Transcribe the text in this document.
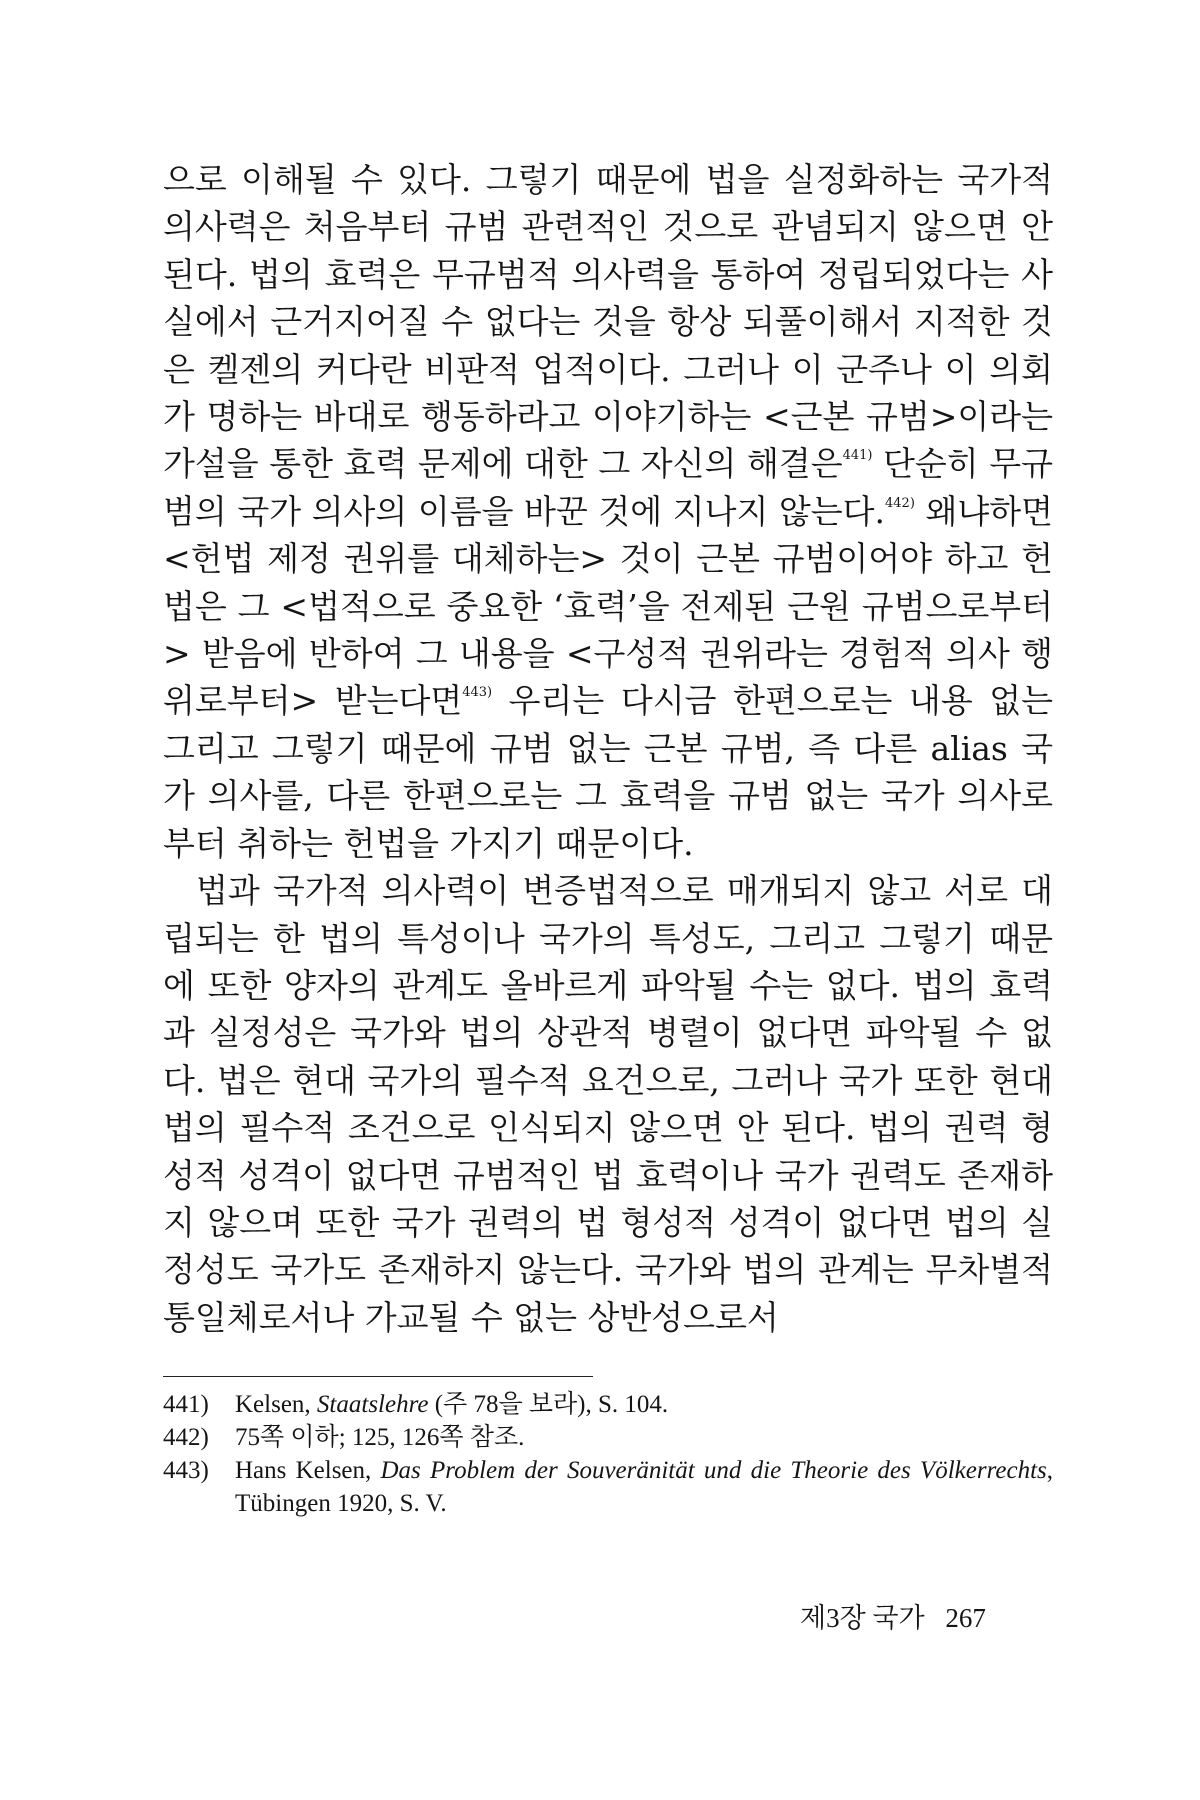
으로 이해될 수 있다. 그렇기 때문에 법을 실정화하는 국가적 의사력은 처음부터 규범 관련적인 것으로 관념되지 않으면 안 된다. 법의 효력은 무규범적 의사력을 통하여 정립되었다는 사실에서 근거지어질 수 없다는 것을 항상 되풀이해서 지적한 것은 켈젠의 커다란 비판적 업적이다. 그러나 이 군주나 이 의회가 명하는 바대로 행동하라고 이야기하는 <근본 규범>이라는 가설을 통한 효력 문제에 대한 그 자신의 해결은$^{441)}$ 단순히 무규범의 국가 의사의 이름을 바꾼 것에 지나지 않는다.$^{442)}$ 왜냐하면 <헌법 제정 권위를 대체하는> 것이 근본 규범이어야 하고 헌법은 그 <법적으로 중요한 ‘효력’을 전제된 근원 규범으로부터> 받음에 반하여 그 내용을 <구성적 권위라는 경험적 의사 행위로부터> 받는다면$^{443)}$ 우리는 다시금 한편으로는 내용 없는 그리고 그렇기 때문에 규범 없는 근본 규범, 즉 다른 alias 국가 의사를, 다른 한편으로는 그 효력을 규범 없는 국가 의사로부터 취하는 헌법을 가지기 때문이다.

법과 국가적 의사력이 변증법적으로 매개되지 않고 서로 대립되는 한 법의 특성이나 국가의 특성도, 그리고 그렇기 때문에 또한 양자의 관계도 올바르게 파악될 수는 없다. 법의 효력과 실정성은 국가와 법의 상관적 병렬이 없다면 파악될 수 없다. 법은 현대 국가의 필수적 요건으로, 그러나 국가 또한 현대 법의 필수적 조건으로 인식되지 않으면 안 된다. 법의 권력 형성적 성격이 없다면 규범적인 법 효력이나 국가 권력도 존재하지 않으며 또한 국가 권력의 법 형성적 성격이 없다면 법의 실정성도 국가도 존재하지 않는다. 국가와 법의 관계는 무차별적 통일체로서나 가교될 수 없는 상반성으로서

441) Kelsen, Staatslehre (주 78을 보라), S. 104.
442) 75쪽 이하; 125, 126쪽 참조.
443) Hans Kelsen, Das Problem der Souveränität und die Theorie des Völkerrechts, Tübingen 1920, S. V.
제3장 국가 267
